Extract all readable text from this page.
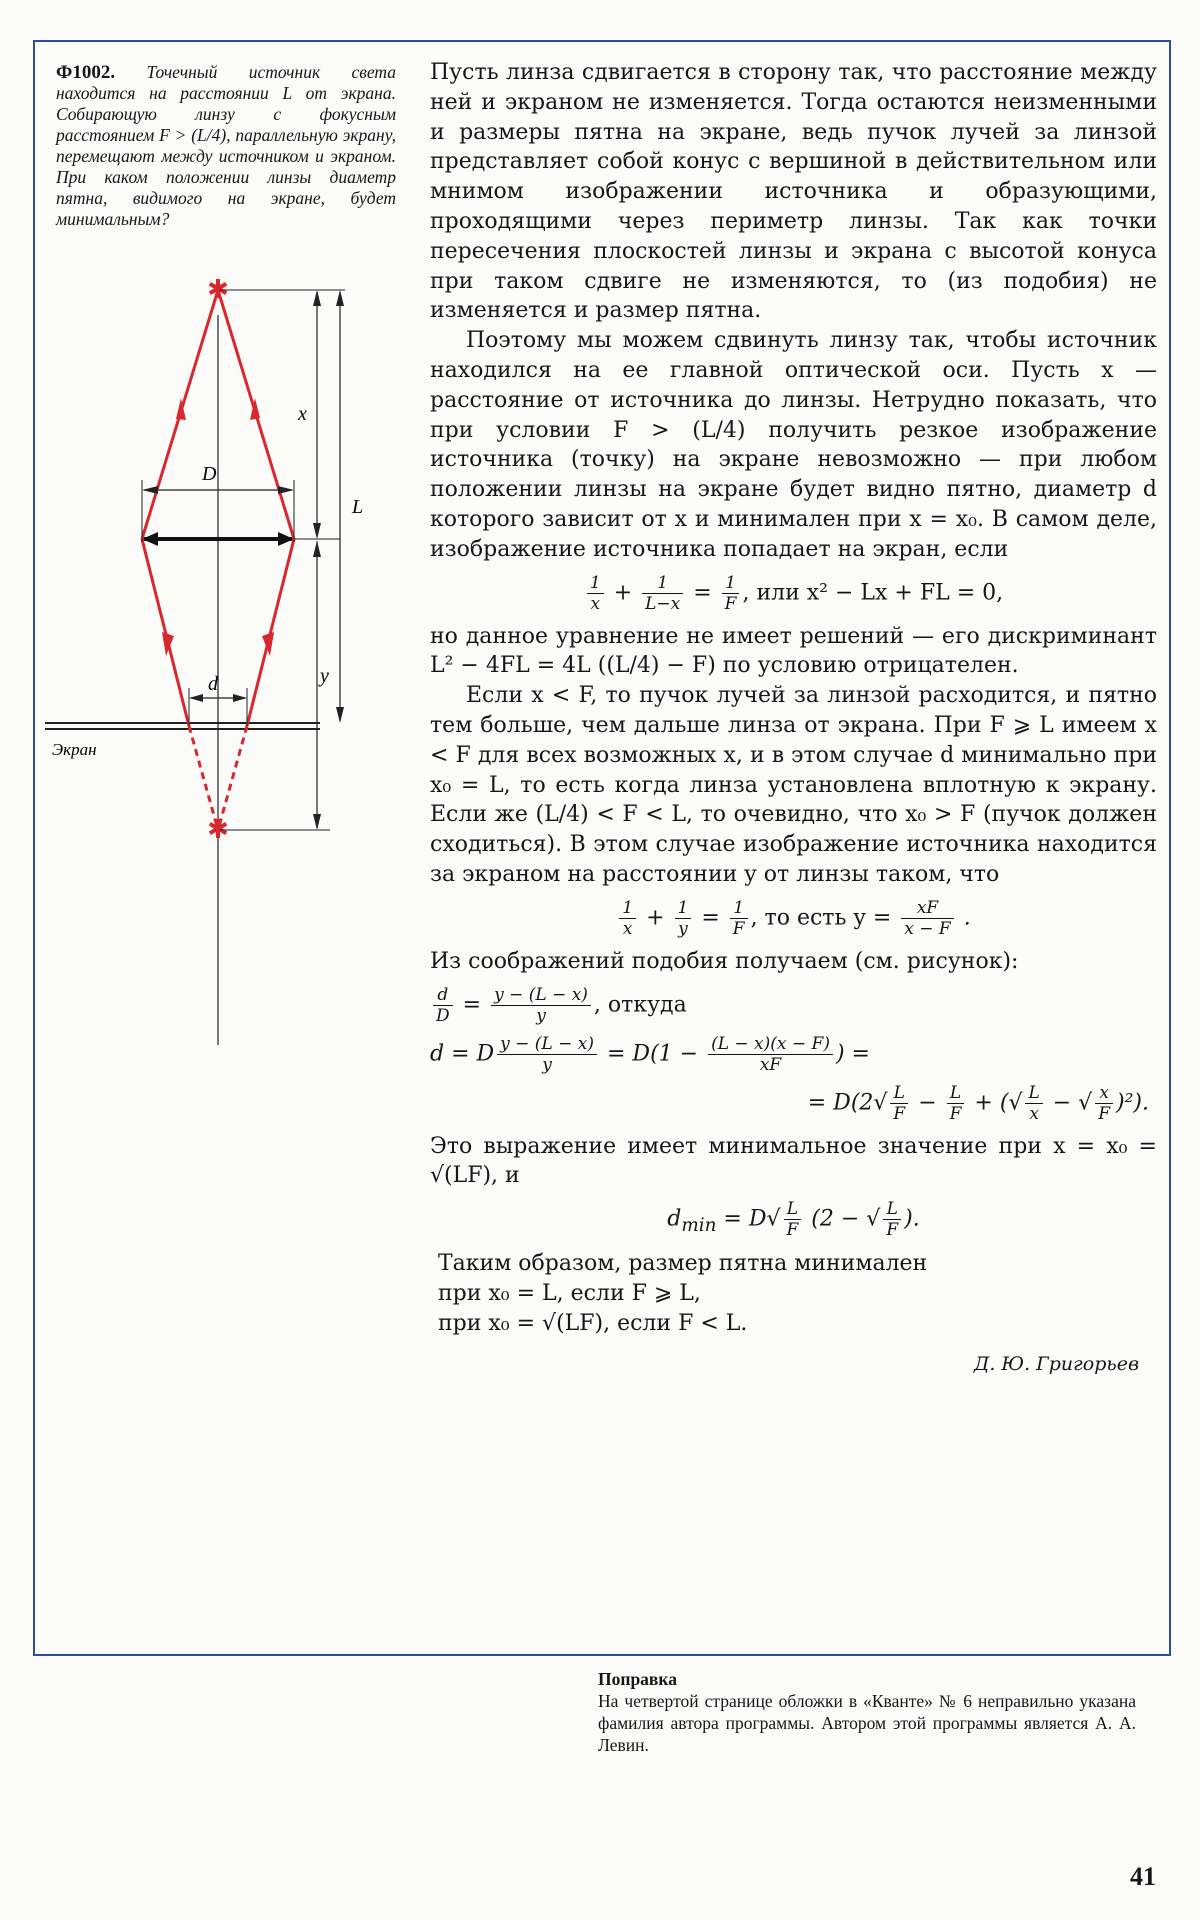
Ф1002. Точечный источник света находится на расстоянии L от экрана. Собирающую линзу с фокусным расстоянием F > (L/4), параллельную экрану, перемещают между источником и экраном. При каком положении линзы диаметр пятна, видимого на экране, будет минимальным?
✱
✱
x
L
D
d	y
Экран

Пусть линза сдвигается в сторону так, что расстояние между ней и экраном не изменяется. Тогда остаются неизменными и размеры пятна на экране, ведь пучок лучей за линзой представляет собой конус с вершиной в действительном или мнимом изображении источника и образующими, проходящими через периметр линзы. Так как точки пересечения плоскостей линзы и экрана с высотой конуса при таком сдвиге не изменяются, то (из подобия) не изменяется и размер пятна.

Поэтому мы можем сдвинуть линзу так, чтобы источник находился на ее главной оптической оси. Пусть x — расстояние от источника до линзы. Нетрудно показать, что при условии F > (L/4) получить резкое изображение источника (точку) на экране невозможно — при любом положении линзы на экране будет видно пятно, диаметр d которого зависит от x и минимален при x = x₀. В самом деле, изображение источника попадает на экран, если

$\frac{1}{x} + \frac{1}{L-x} = \frac{1}{F}$ , или x² − Lx + FL = 0,

но данное уравнение не имеет решений — его дискриминант L² − 4FL = 4L ((L/4) − F) по условию отрицателен.

Если x < F, то пучок лучей за линзой расходится, и пятно тем больше, чем дальше линза от экрана. При F ⩾ L имеем x < F для всех возможных x, и в этом случае d минимально при x₀ = L, то есть когда линза установлена вплотную к экрану. Если же (L/4) < F < L, то очевидно, что x₀ > F (пучок должен сходиться). В этом случае изображение источника находится за экраном на расстоянии y от линзы таком, что

$\frac{1}{x} + \frac{1}{y} = \frac{1}{F}$ , то есть $y = \frac{xF}{x - F}$ .

Из соображений подобия получаем (см. рисунок):

$\frac{d}{D} = \frac{y - (L - x)}{y}$ , откуда
d = D $\frac{y - (L - x)}{y} = D(1 - \frac{(L - x)(x - F)}{xF}$ ) =
= $D(2√ \frac{L}{F} - \frac{L}{F}$ + (√ $\frac{L}{x}$ − √ $\frac{x}{F} )^2$).

Это выражение имеет минимальное значение при x = x₀ = √(LF), и

$d_{min} = D√ \frac{L}{F} (2$ − √ $\frac{L}{F}$ ).

Таким образом, размер пятна минимален

при x₀ = L, если F ⩾ L,

при x₀ = √(LF), если F < L.

Д. Ю. Григорьев
Поправка
На четвертой странице обложки в «Кванте» № 6 неправильно указана фамилия автора программы. Автором этой программы является А. А. Левин.
41
